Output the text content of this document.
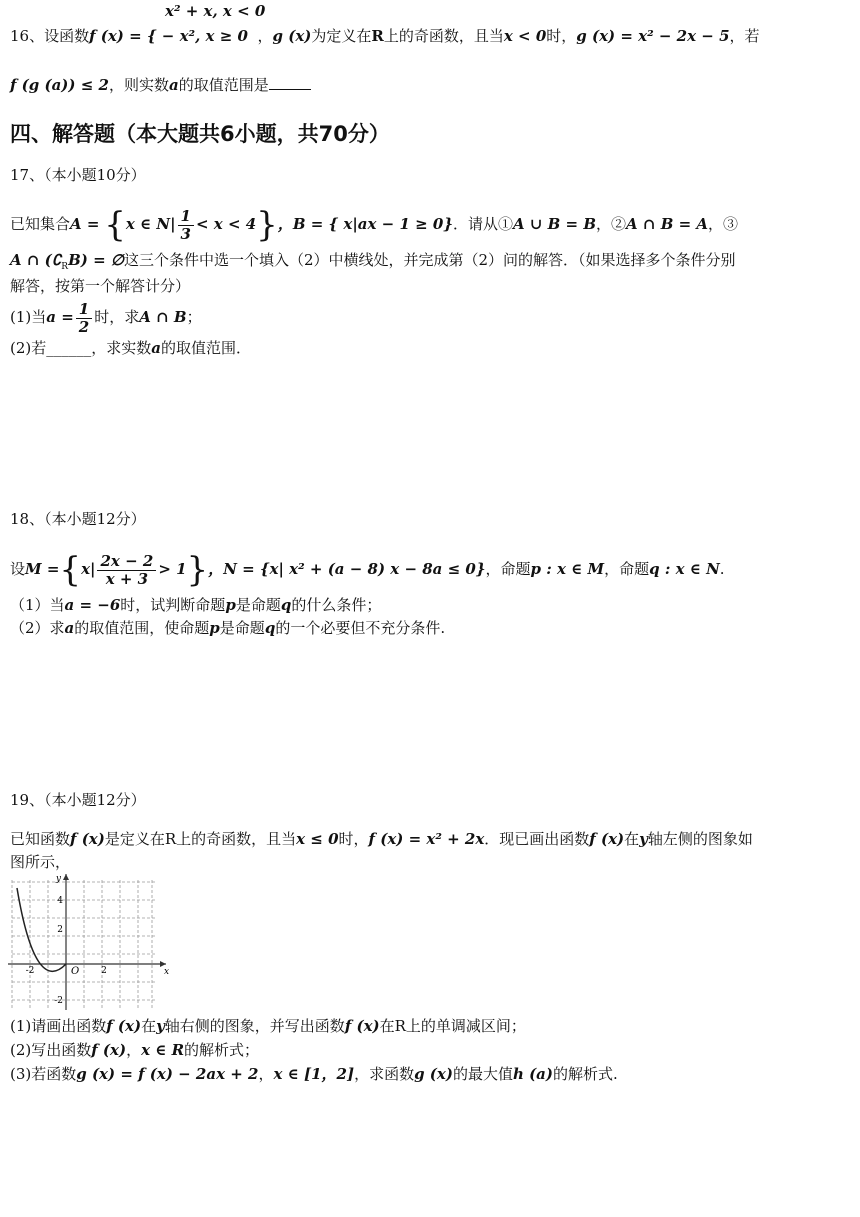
x² + x, x < 0
16、设函数f (x) = { − x², x ≥ 0 ，g (x)为定义在R上的奇函数，且当x < 0时，g (x) = x² − 2x − 5，若
f (g (a)) ≤ 2，则实数a的取值范围是
四、解答题（本大题共6小题，共70分）
17、（本小题10分）
已知集合A = {x ∈ $N| \frac{1}{3} < x < 4$}，B = { x|ax − 1 ≥ 0}．请从①A ∪ B = B，②A ∩ B = A，③
A ∩ $(∁_RB)$ = ∅这三个条件中选一个填入（2）中横线处，并完成第（2）问的解答．（如果选择多个条件分别
解答，按第一个解答计分）
(1)当$a = \frac{1}{2}$ 时，求A ∩ B；
(2)若______，求实数a的取值范围．
18、（本小题12分）
设$M =\{x| \frac{2x - 2}{x + 3} > 1\}$，N = {x| x² + (a − 8) x − 8a ≤ 0}，命题p : x ∈ M，命题q : x ∈ N.
（1）当a = −6时，试判断命题p是命题q的什么条件；
（2）求a的取值范围，使命题p是命题q的一个必要但不充分条件.
19、（本小题12分）
已知函数f (x)是定义在R上的奇函数，且当x ≤ 0时，f (x) = x² + 2x．现已画出函数f (x)在y轴左侧的图象如
图所示，
y
x
O
4
2
-2
-2	2
(1)请画出函数f (x)在y轴右侧的图象，并写出函数f (x)在R上的单调减区间；
(2)写出函数f (x)，x ∈ R的解析式；
(3)若函数g (x) = f (x) − 2ax + 2，x ∈ [1，2]，求函数g (x)的最大值h (a)的解析式.
